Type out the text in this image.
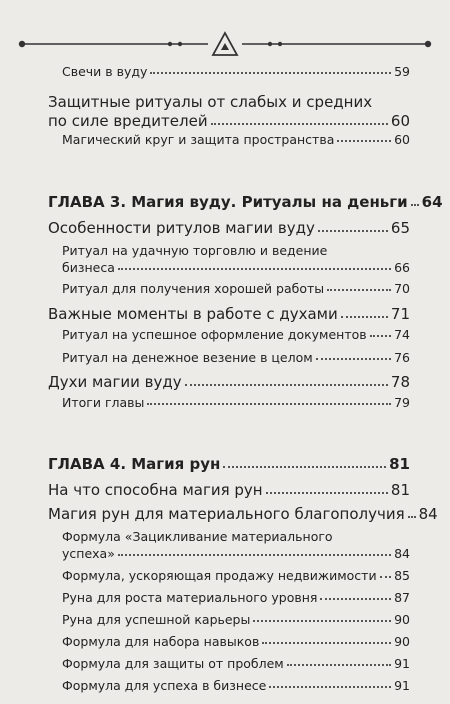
Свечи в вуду	59
Защитные ритуалы от слабых и средних
по силе вредителей	60
Магический круг и защита пространства	60
ГЛАВА 3. Магия вуду. Ритуалы на деньги 64
Особенности ритулов магии вуду	65
Ритуал на удачную торговлю и ведение
бизнеса	66
Ритуал для получения хорошей работы	70
Важные моменты в работе с духами	71
Ритуал на успешное оформление документов 74
Ритуал на денежное везение в целом	76
Духи магии вуду	78
Итоги главы	79
ГЛАВА 4. Магия рун	81
На что способна магия рун	81
Магия рун для материального благополучия 84
Формула «Зацикливание материального
успеха»	84
Формула, ускоряющая продажу недвижимости 85
Руна для роста материального уровня	87
Руна для успешной карьеры	90
Формула для набора навыков	90
Формула для защиты от проблем	91
Формула для успеха в бизнесе	91
